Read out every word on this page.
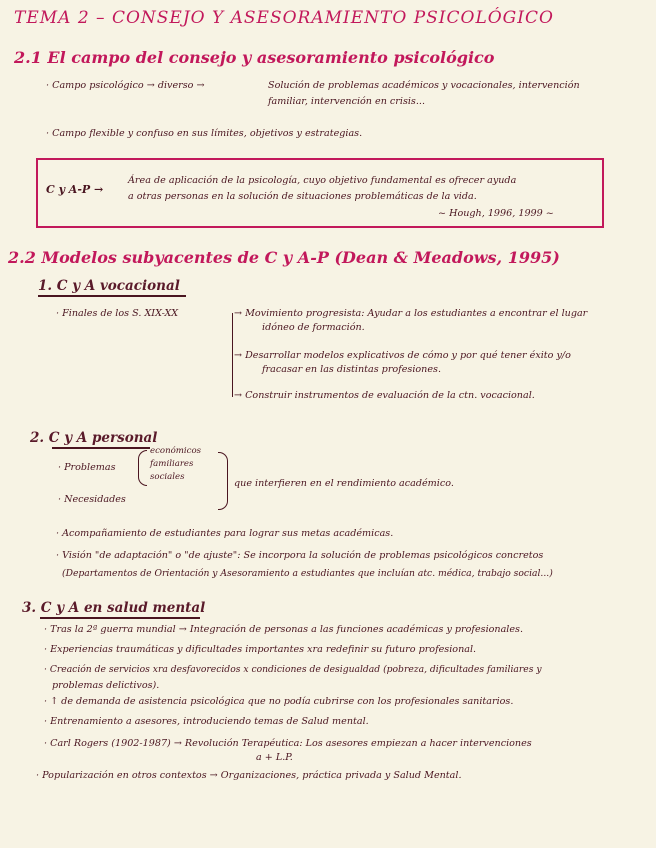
TEMA 2 – CONSEJO Y ASESORAMIENTO PSICOLÓGICO
2.1 El campo del consejo y asesoramiento psicológico
· Campo psicológico → diverso →	Solución de problemas académicos y vocacionales, intervención
familiar, intervención en crisis...
· Campo flexible y confuso en sus límites, objetivos y estrategias.
C y A-P →
Área de aplicación de la psicología, cuyo objetivo fundamental es ofrecer ayuda
a otras personas en la solución de situaciones problemáticas de la vida.
~ Hough, 1996, 1999 ~
2.2 Modelos subyacentes de C y A-P (Dean & Meadows, 1995)
1. C y A vocacional
· Finales de los S. XIX-XX	→ Movimiento progresista: Ayudar a los estudiantes a encontrar el lugar
idóneo de formación.
→ Desarrollar modelos explicativos de cómo y por qué tener éxito y/o
fracasar en las distintas profesiones.
→ Construir instrumentos de evaluación de la ctn. vocacional.
2. C y A personal
· Problemas
económicos
familiares
sociales
· Necesidades
que interfieren en el rendimiento académico.
· Acompañamiento de estudiantes para lograr sus metas académicas.
· Visión "de adaptación" o "de ajuste": Se incorpora la solución de problemas psicológicos concretos
(Departamentos de Orientación y Asesoramiento a estudiantes que incluían atc. médica, trabajo social...)
3. C y A en salud mental
· Tras la 2ª guerra mundial → Integración de personas a las funciones académicas y profesionales.
· Experiencias traumáticas y dificultades importantes xra redefinir su futuro profesional.
· Creación de servicios xra desfavorecidos x condiciones de desigualdad (pobreza, dificultades familiares y
problemas delictivos).
· ↑ de demanda de asistencia psicológica que no podía cubrirse con los profesionales sanitarios.
· Entrenamiento a asesores, introduciendo temas de Salud mental.
· Carl Rogers (1902-1987) → Revolución Terapéutica: Los asesores empiezan a hacer intervenciones
a + L.P.
· Popularización en otros contextos → Organizaciones, práctica privada y Salud Mental.
